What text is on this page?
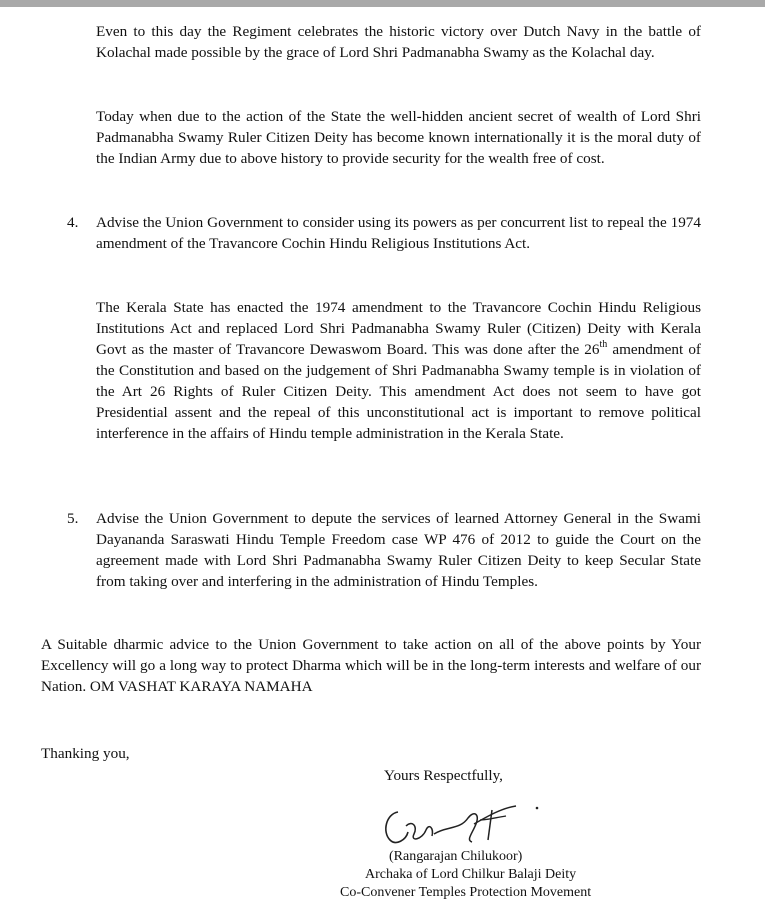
Even to this day the Regiment celebrates the historic victory over Dutch Navy in the battle of Kolachal made possible by the grace of Lord Shri Padmanabha Swamy as the Kolachal day.

Today when due to the action of the State the well-hidden ancient secret of wealth of Lord Shri Padmanabha Swamy Ruler Citizen Deity has become known internationally it is the moral duty of the Indian Army due to above history to provide security for the wealth free of cost.

4. Advise the Union Government to consider using its powers as per concurrent list to repeal the 1974 amendment of the Travancore Cochin Hindu Religious Institutions Act.

The Kerala State has enacted the 1974 amendment to the Travancore Cochin Hindu Religious Institutions Act and replaced Lord Shri Padmanabha Swamy Ruler (Citizen) Deity with Kerala Govt as the master of Travancore Dewaswom Board. This was done after the 26th amendment of the Constitution and based on the judgement of Shri Padmanabha Swamy temple is in violation of the Art 26 Rights of Ruler Citizen Deity. This amendment Act does not seem to have got Presidential assent and the repeal of this unconstitutional act is important to remove political interference in the affairs of Hindu temple administration in the Kerala State.

5. Advise the Union Government to depute the services of learned Attorney General in the Swami Dayananda Saraswati Hindu Temple Freedom case WP 476 of 2012 to guide the Court on the agreement made with Lord Shri Padmanabha Swamy Ruler Citizen Deity to keep Secular State from taking over and interfering in the administration of Hindu Temples.

A Suitable dharmic advice to the Union Government to take action on all of the above points by Your Excellency will go a long way to protect Dharma which will be in the long-term interests and welfare of our Nation. OM VASHAT KARAYA NAMAHA

Thanking you,
Yours Respectfully,
(Rangarajan Chilukoor)
Archaka of Lord Chilkur Balaji Deity
Co-Convener Temples Protection Movement
